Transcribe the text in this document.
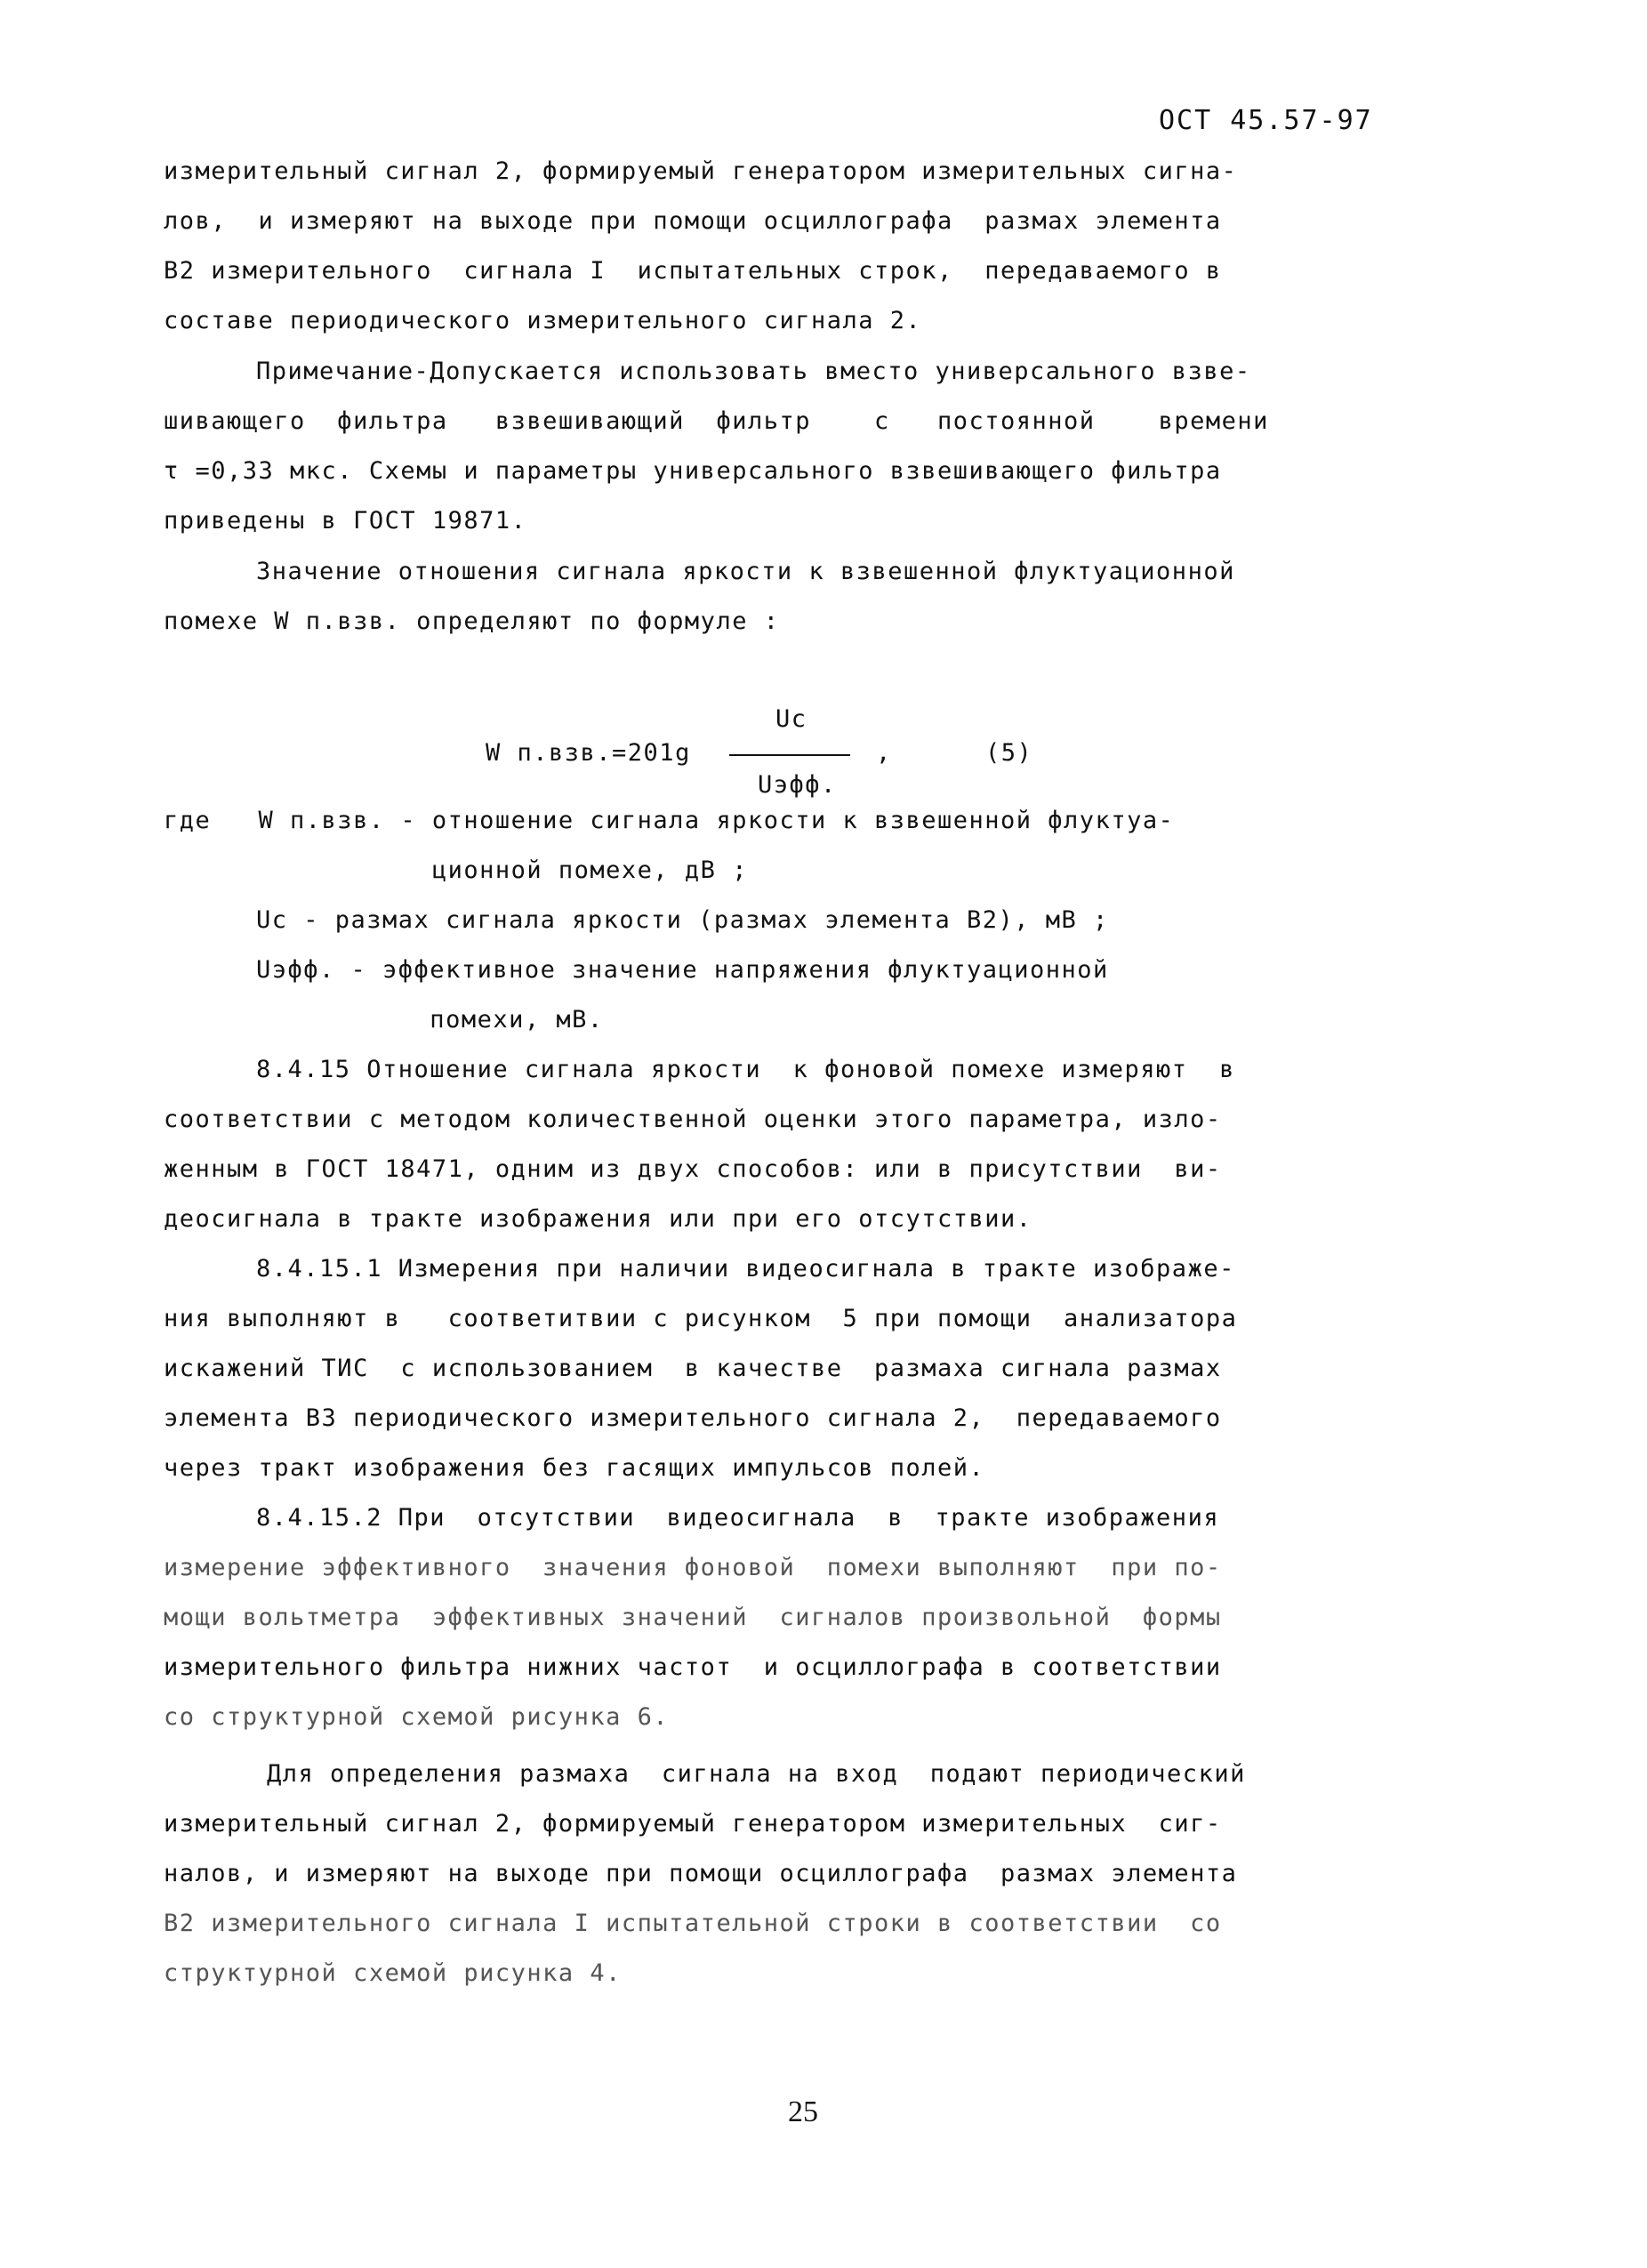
ОСТ 45.57-97
измерительный сигнал 2, формируемый генератором измерительных сигна-
лов,  и измеряют на выходе при помощи осциллографа  размах элемента
В2 измерительного  сигнала I  испытательных строк,  передаваемого в
составе периодического измерительного сигнала 2.
Примечание-Допускается использовать вместо универсального взве-
шивающего  фильтра   взвешивающий  фильтр    с   постоянной    времени
τ =0,33 мкс. Схемы и параметры универсального взвешивающего фильтра
приведены в ГОСТ 19871.
Значение отношения сигнала яркости к взвешенной флуктуационной
помехе W п.взв. определяют по формуле :
Uc
W п.взв.=201g	,	(5)
Uэфф.
где   W п.взв. - отношение сигнала яркости к взвешенной флуктуа-
ционной помехе, дВ ;
Uc - размах сигнала яркости (размах элемента В2), мВ ;
Uэфф. - эффективное значение напряжения флуктуационной
помехи, мВ.
8.4.15 Отношение сигнала яркости  к фоновой помехе измеряют  в
соответствии с методом количественной оценки этого параметра, изло-
женным в ГОСТ 18471, одним из двух способов: или в присутствии  ви-
деосигнала в тракте изображения или при его отсутствии.
8.4.15.1 Измерения при наличии видеосигнала в тракте изображе-
ния выполняют в   соответитвии с рисунком  5 при помощи  анализатора
искажений ТИС  с использованием  в качестве  размаха сигнала размах
элемента В3 периодического измерительного сигнала 2,  передаваемого
через тракт изображения без гасящих импульсов полей.
8.4.15.2 При  отсутствии  видеосигнала  в  тракте изображения
измерение эффективного  значения фоновой  помехи выполняют  при по-
мощи вольтметра  эффективных значений  сигналов произвольной  формы
измерительного фильтра нижних частот  и осциллографа в соответствии
со структурной схемой рисунка 6.
Для определения размаха  сигнала на вход  подают периодический
измерительный сигнал 2, формируемый генератором измерительных  сиг-
налов, и измеряют на выходе при помощи осциллографа  размах элемента
В2 измерительного сигнала I испытательной строки в соответствии  со
структурной схемой рисунка 4.
25
